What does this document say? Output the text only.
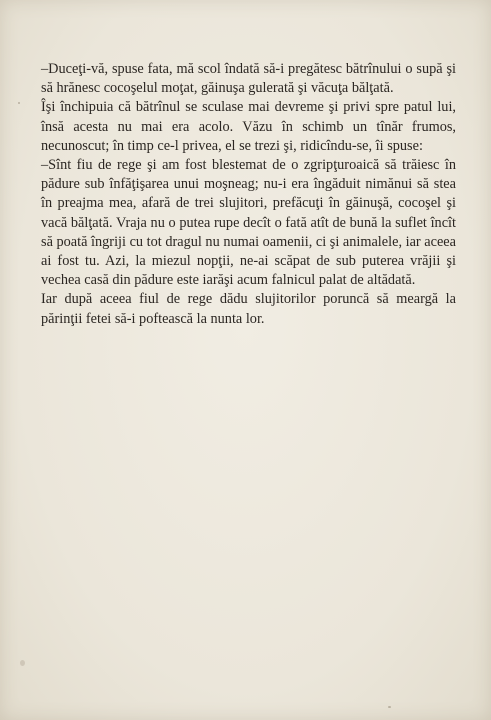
–Duceţi-vă, spuse fata, mă scol îndată să-i pregătesc bătrînului o supă şi să hrănesc cocoşelul moţat, găinuşa gulerată şi văcuţa bălţată.

Îşi închipuia că bătrînul se sculase mai devreme şi privi spre patul lui, însă acesta nu mai era acolo. Văzu în schimb un tînăr frumos, necunoscut; în timp ce-l privea, el se trezi şi, ridicîndu-se, îi spuse:

–Sînt fiu de rege şi am fost blestemat de o zgripţuroaică să trăiesc în pădure sub înfăţişarea unui moşneag; nu-i era îngăduit nimănui să stea în preajma mea, afară de trei slujitori, prefăcuţi în găinuşă, cocoşel şi vacă bălţată. Vraja nu o putea rupe decît o fată atît de bună la suflet încît să poată îngriji cu tot dragul nu numai oamenii, ci şi animalele, iar aceea ai fost tu. Azi, la miezul nopţii, ne-ai scăpat de sub puterea vrăjii şi vechea casă din pădure este iarăşi acum falnicul palat de altădată.

Iar după aceea fiul de rege dădu slujitorilor poruncă să meargă la părinţii fetei să-i poftească la nunta lor.
